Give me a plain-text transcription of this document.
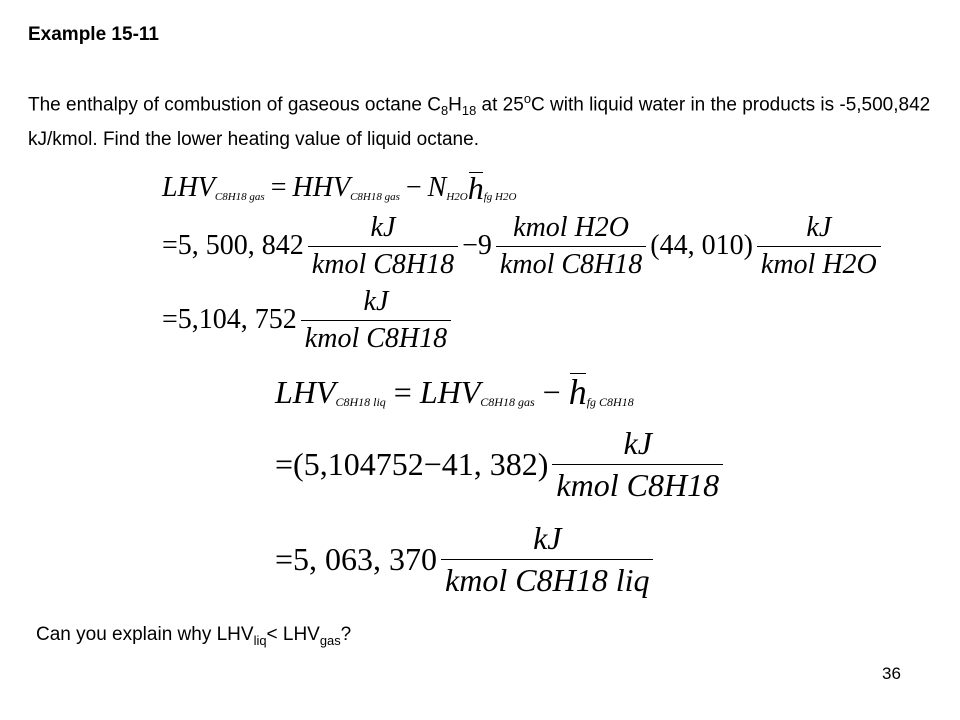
Example 15-11
The enthalpy of combustion of gaseous octane $C_8H_{18}$ at 25$^o$C with liquid water in the products is -5,500,842 kJ/kmol. Find the lower heating value of liquid octane.
$LHV_{C8H18 gas} = HHV_{C8H18 gas} - N_{H2O}$ $h_{fg H2O}$
=5, 500, $842 \frac{kJ}{\text{kmol C8H18}} -9 \frac{\text{kmol H2O}}{\text{kmol C8H18}} (44$, $010) \frac{kJ}{\text{kmol H2O}}$
=5,104, $752 \frac{kJ}{\text{kmol C8H18}}$
$LHV_{C8H18 liq} = LHV_{C8H18 gas} - h_{fg C8H18}$
=(5,104752−41, $382) \frac{kJ}{\text{kmol C8H18}}$
=5, 063, $370 \frac{kJ}{\text{kmol C8H18 liq}}$
Can you explain why $LHV_{liq}< LHV_{gas}$?
36
